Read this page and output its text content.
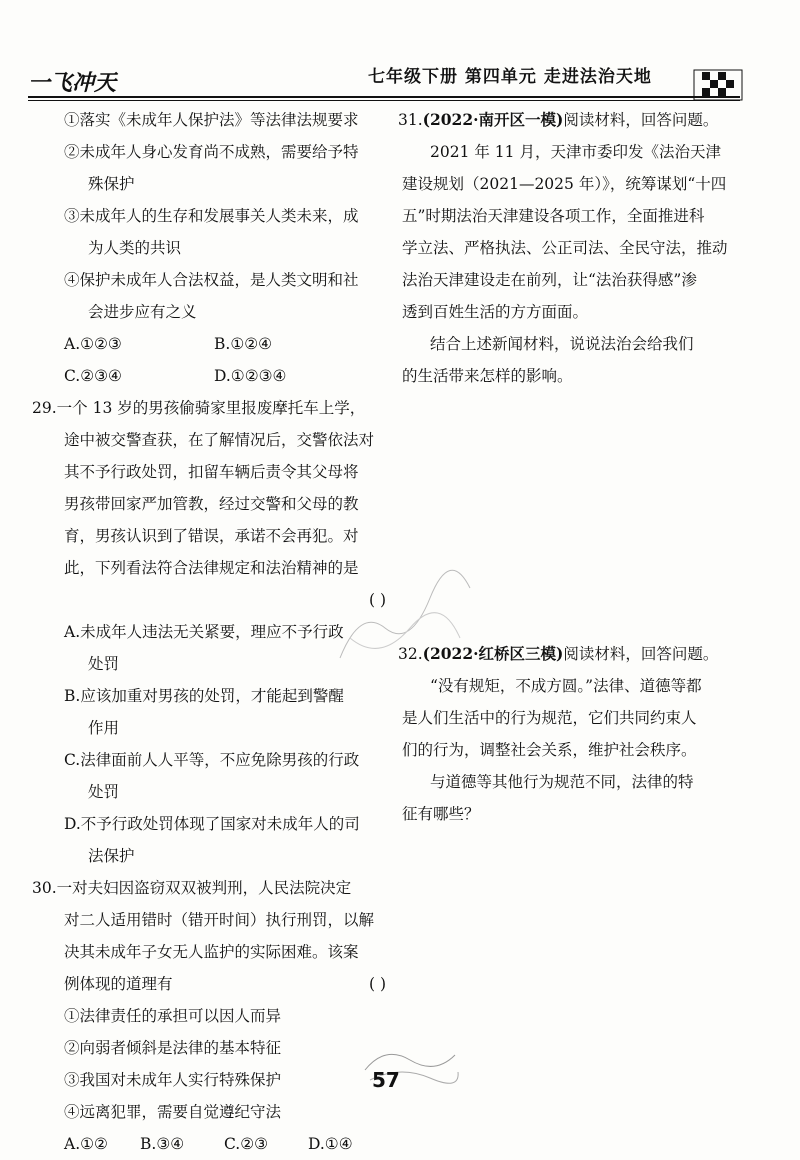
一飞冲天	七年级下册 第四单元 走进法治天地
①落实《未成年人保护法》等法律法规要求
②未成年人身心发育尚不成熟，需要给予特
殊保护
③未成年人的生存和发展事关人类未来，成
为人类的共识
④保护未成年人合法权益，是人类文明和社
会进步应有之义
A.①②③	B.①②④
C.②③④	D.①②③④
29.一个 13 岁的男孩偷骑家里报废摩托车上学，
途中被交警查获，在了解情况后，交警依法对
其不予行政处罚，扣留车辆后责令其父母将
男孩带回家严加管教，经过交警和父母的教
育，男孩认识到了错误，承诺不会再犯。对
此，下列看法符合法律规定和法治精神的是
( )
A.未成年人违法无关紧要，理应不予行政
处罚
B.应该加重对男孩的处罚，才能起到警醒
作用
C.法律面前人人平等，不应免除男孩的行政
处罚
D.不予行政处罚体现了国家对未成年人的司
法保护
30.一对夫妇因盗窃双双被判刑，人民法院决定
对二人适用错时（错开时间）执行刑罚，以解
决其未成年子女无人监护的实际困难。该案
例体现的道理有	( )
①法律责任的承担可以因人而异
②向弱者倾斜是法律的基本特征
③我国对未成年人实行特殊保护
④远离犯罪，需要自觉遵纪守法
A.①②	B.③④	C.②③	D.①④
31.(2022·南开区一模)阅读材料，回答问题。
2021 年 11 月，天津市委印发《法治天津
建设规划（2021—2025 年）》，统筹谋划“十四
五”时期法治天津建设各项工作，全面推进科
学立法、严格执法、公正司法、全民守法，推动
法治天津建设走在前列，让“法治获得感”渗
透到百姓生活的方方面面。
结合上述新闻材料，说说法治会给我们
的生活带来怎样的影响。
32.(2022·红桥区三模)阅读材料，回答问题。
“没有规矩，不成方圆。”法律、道德等都
是人们生活中的行为规范，它们共同约束人
们的行为，调整社会关系，维护社会秩序。
与道德等其他行为规范不同，法律的特
征有哪些？
57
